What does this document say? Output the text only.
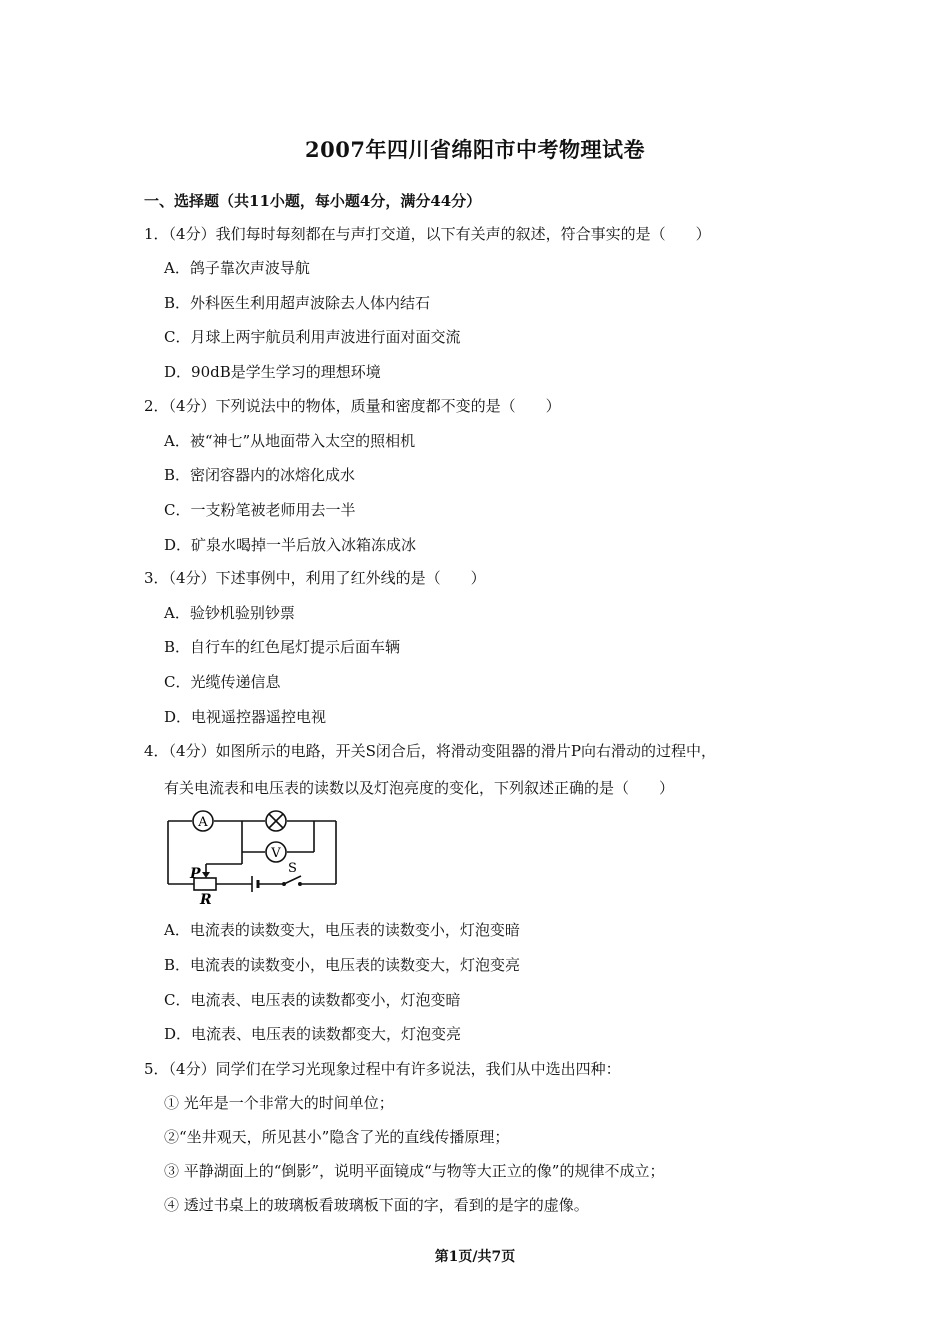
2007年四川省绵阳市中考物理试卷
一、选择题（共11小题，每小题4分，满分44分）
1．（4分）我们每时每刻都在与声打交道，以下有关声的叙述，符合事实的是（　　）
A．鸽子靠次声波导航
B．外科医生利用超声波除去人体内结石
C．月球上两宇航员利用声波进行面对面交流
D．90dB是学生学习的理想环境
2．（4分）下列说法中的物体，质量和密度都不变的是（　　）
A．被“神七”从地面带入太空的照相机
B．密闭容器内的冰熔化成水
C．一支粉笔被老师用去一半
D．矿泉水喝掉一半后放入冰箱冻成冰
3．（4分）下述事例中，利用了红外线的是（　　）
A．验钞机验别钞票
B．自行车的红色尾灯提示后面车辆
C．光缆传递信息
D．电视遥控器遥控电视
4．（4分）如图所示的电路，开关S闭合后，将滑动变阻器的滑片P向右滑动的过程中，
有关电流表和电压表的读数以及灯泡亮度的变化，下列叙述正确的是（　　）
A
V
P
R
S
A．电流表的读数变大，电压表的读数变小，灯泡变暗
B．电流表的读数变小，电压表的读数变大，灯泡变亮
C．电流表、电压表的读数都变小，灯泡变暗
D．电流表、电压表的读数都变大，灯泡变亮
5．（4分）同学们在学习光现象过程中有许多说法，我们从中选出四种：
① 光年是一个非常大的时间单位；
②“坐井观天，所见甚小”隐含了光的直线传播原理；
③ 平静湖面上的“倒影”，说明平面镜成“与物等大正立的像”的规律不成立；
④ 透过书桌上的玻璃板看玻璃板下面的字，看到的是字的虚像。
第1页/共7页
